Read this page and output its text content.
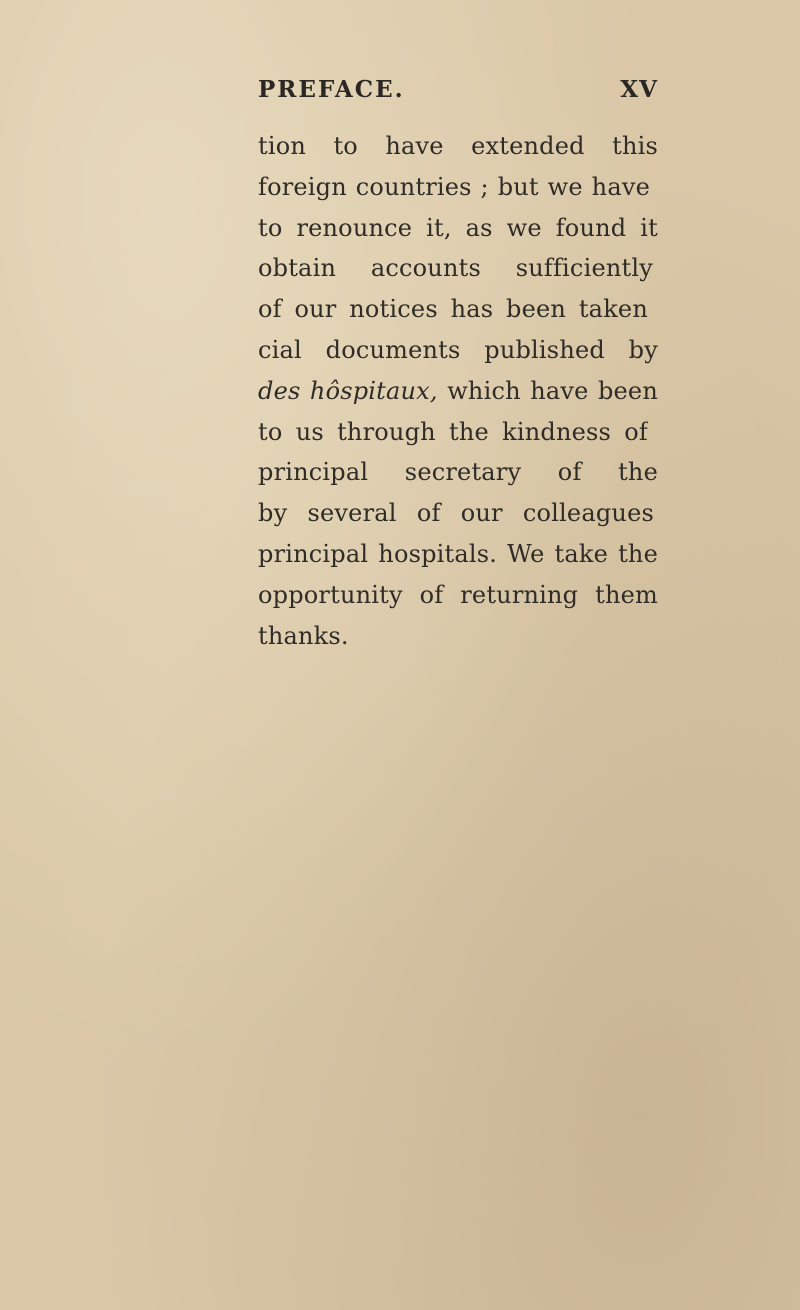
PREFACE.	XV
tion to have extended this
foreign countries ; but we have
to renounce it, as we found it
obtain accounts sufficiently
of our notices has been taken
cial documents published by
des hôspitaux, which have been
to us through the kindness of
principal secretary of the
by several of our colleagues
principal hospitals. We take the
opportunity of returning them
thanks.
